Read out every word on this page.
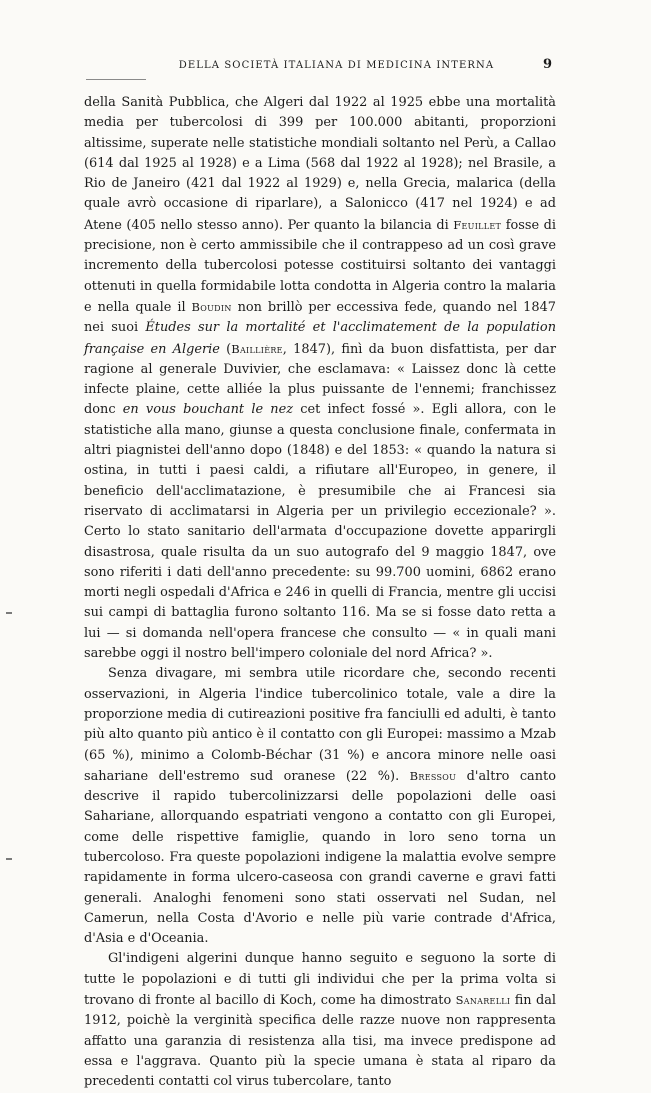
DELLA SOCIETÀ ITALIANA DI MEDICINA INTERNA	9

della Sanità Pubblica, che Algeri dal 1922 al 1925 ebbe una mortalità media per tubercolosi di 399 per 100.000 abitanti, proporzioni altissime, superate nelle statistiche mondiali soltanto nel Perù, a Callao (614 dal 1925 al 1928) e a Lima (568 dal 1922 al 1928); nel Brasile, a Rio de Janeiro (421 dal 1922 al 1929) e, nella Grecia, malarica (della quale avrò occasione di riparlare), a Salonicco (417 nel 1924) e ad Atene (405 nello stesso anno). Per quanto la bilancia di Feuillet fosse di precisione, non è certo ammissibile che il contrappeso ad un così grave incremento della tubercolosi potesse costituirsi soltanto dei vantaggi ottenuti in quella formidabile lotta condotta in Algeria contro la malaria e nella quale il Boudin non brillò per eccessiva fede, quando nel 1847 nei suoi Études sur la mortalité et l'acclimatement de la population française en Algerie (Baillière, 1847), finì da buon disfattista, per dar ragione al generale Duvivier, che esclamava: « Laissez donc là cette infecte plaine, cette alliée la plus puissante de l'ennemi; franchissez donc en vous bouchant le nez cet infect fossé ». Egli allora, con le statistiche alla mano, giunse a questa conclusione finale, confermata in altri piagnistei dell'anno dopo (1848) e del 1853: « quando la natura si ostina, in tutti i paesi caldi, a rifiutare all'Europeo, in genere, il beneficio dell'acclimatazione, è presumibile che ai Francesi sia riservato di acclimatarsi in Algeria per un privilegio eccezionale? ». Certo lo stato sanitario dell'armata d'occupazione dovette apparirgli disastrosa, quale risulta da un suo autografo del 9 maggio 1847, ove sono riferiti i dati dell'anno precedente: su 99.700 uomini, 6862 erano morti negli ospedali d'Africa e 246 in quelli di Francia, mentre gli uccisi sui campi di battaglia furono soltanto 116. Ma se si fosse dato retta a lui — si domanda nell'opera francese che consulto — « in quali mani sarebbe oggi il nostro bell'impero coloniale del nord Africa? ».

Senza divagare, mi sembra utile ricordare che, secondo recenti osservazioni, in Algeria l'indice tubercolinico totale, vale a dire la proporzione media di cutireazioni positive fra fanciulli ed adulti, è tanto più alto quanto più antico è il contatto con gli Europei: massimo a Mzab (65 %), minimo a Colomb-Béchar (31 %) e ancora minore nelle oasi sahariane dell'estremo sud oranese (22 %). Bressou d'altro canto descrive il rapido tubercolinizzarsi delle popolazioni delle oasi Sahariane, allorquando espatriati vengono a contatto con gli Europei, come delle rispettive famiglie, quando in loro seno torna un tubercoloso. Fra queste popolazioni indigene la malattia evolve sempre rapidamente in forma ulcero-caseosa con grandi caverne e gravi fatti generali. Analoghi fenomeni sono stati osservati nel Sudan, nel Camerun, nella Costa d'Avorio e nelle più varie contrade d'Africa, d'Asia e d'Oceania.

Gl'indigeni algerini dunque hanno seguito e seguono la sorte di tutte le popolazioni e di tutti gli individui che per la prima volta si trovano di fronte al bacillo di Koch, come ha dimostrato Sanarelli fin dal 1912, poichè la verginità specifica delle razze nuove non rappresenta affatto una garanzia di resistenza alla tisi, ma invece predispone ad essa e l'aggrava. Quanto più la specie umana è stata al riparo da precedenti contatti col virus tubercolare, tanto
